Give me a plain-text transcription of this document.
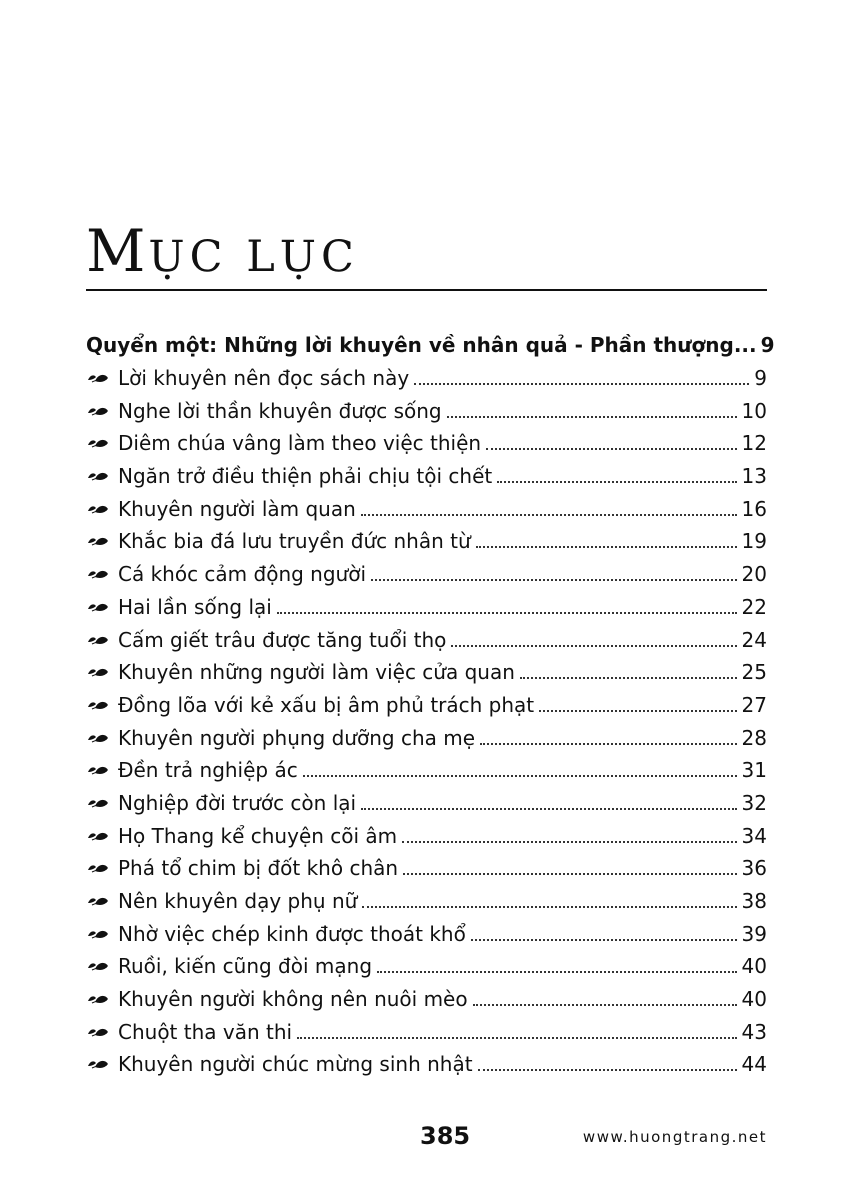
MỤC LỤC
Quyển một: Những lời khuyên về nhân quả - Phần thượng... 9
Lời khuyên nên đọc sách này	9
Nghe lời thần khuyên được sống	10
Diêm chúa vâng làm theo việc thiện	12
Ngăn trở điều thiện phải chịu tội chết	13
Khuyên người làm quan	16
Khắc bia đá lưu truyền đức nhân từ	19
Cá khóc cảm động người	20
Hai lần sống lại	22
Cấm giết trâu được tăng tuổi thọ	24
Khuyên những người làm việc cửa quan	25
Đồng lõa với kẻ xấu bị âm phủ trách phạt	27
Khuyên người phụng dưỡng cha mẹ	28
Đền trả nghiệp ác	31
Nghiệp đời trước còn lại	32
Họ Thang kể chuyện cõi âm	34
Phá tổ chim bị đốt khô chân	36
Nên khuyên dạy phụ nữ	38
Nhờ việc chép kinh được thoát khổ	39
Ruồi, kiến cũng đòi mạng	40
Khuyên người không nên nuôi mèo	40
Chuột tha văn thi	43
Khuyên người chúc mừng sinh nhật	44
385	www.huongtrang.net
